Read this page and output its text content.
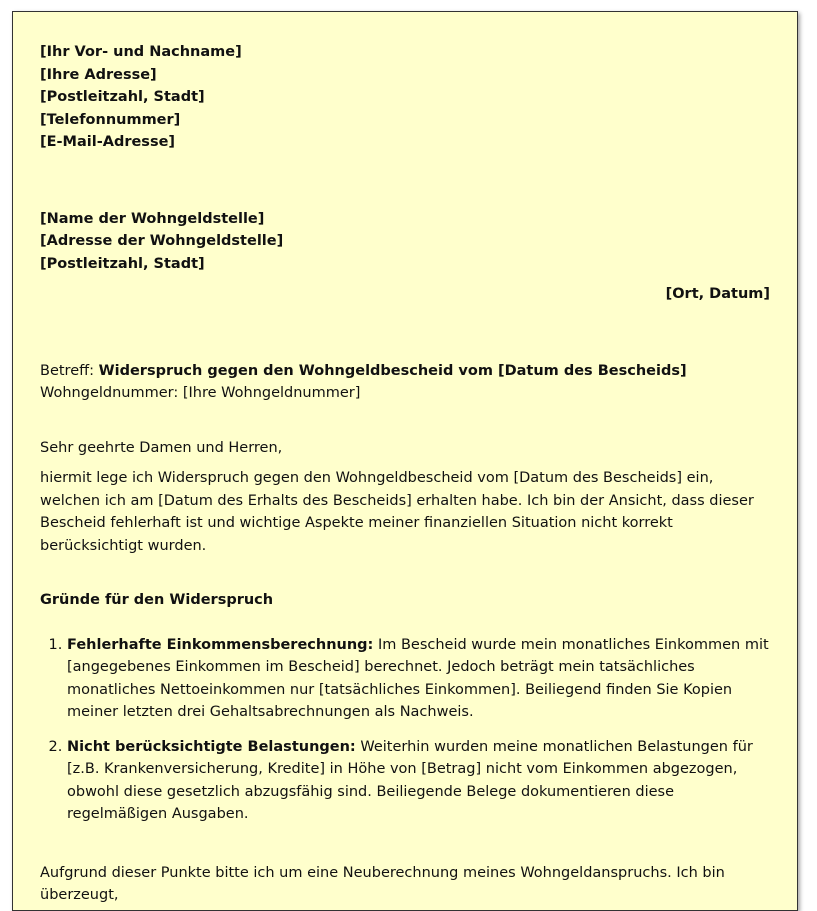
[Ihr Vor- und Nachname]
[Ihre Adresse]
[Postleitzahl, Stadt]
[Telefonnummer]
[E-Mail-Adresse]
[Name der Wohngeldstelle]
[Adresse der Wohngeldstelle]
[Postleitzahl, Stadt]
[Ort, Datum]
Betreff: Widerspruch gegen den Wohngeldbescheid vom [Datum des Bescheids]
Wohngeldnummer: [Ihre Wohngeldnummer]
Sehr geehrte Damen und Herren,
hiermit lege ich Widerspruch gegen den Wohngeldbescheid vom [Datum des Bescheids] ein, welchen ich am [Datum des Erhalts des Bescheids] erhalten habe. Ich bin der Ansicht, dass dieser Bescheid fehlerhaft ist und wichtige Aspekte meiner finanziellen Situation nicht korrekt berücksichtigt wurden.
Gründe für den Widerspruch
1. Fehlerhafte Einkommensberechnung: Im Bescheid wurde mein monatliches Einkommen mit [angegebenes Einkommen im Bescheid] berechnet. Jedoch beträgt mein tatsächliches monatliches Nettoeinkommen nur [tatsächliches Einkommen]. Beiliegend finden Sie Kopien meiner letzten drei Gehaltsabrechnungen als Nachweis.
2. Nicht berücksichtigte Belastungen: Weiterhin wurden meine monatlichen Belastungen für [z.B. Krankenversicherung, Kredite] in Höhe von [Betrag] nicht vom Einkommen abgezogen, obwohl diese gesetzlich abzugsfähig sind. Beiliegende Belege dokumentieren diese regelmäßigen Ausgaben.
Aufgrund dieser Punkte bitte ich um eine Neuberechnung meines Wohngeldanspruchs. Ich bin überzeugt,
